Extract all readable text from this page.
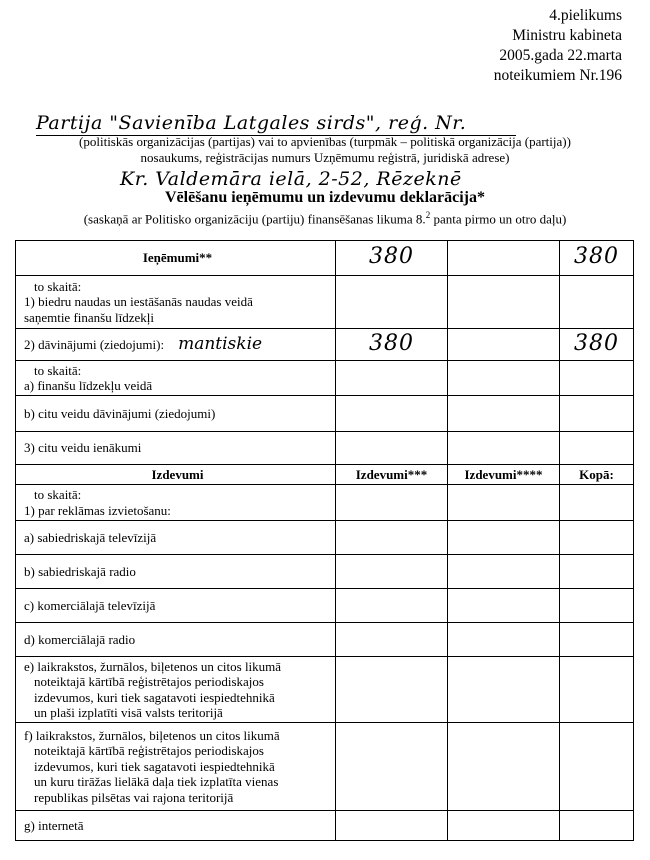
4.pielikums
Ministru kabineta
2005.gada 22.marta
noteikumiem Nr.196
Partija "Savienība Latgales sirds", reģ. Nr.
(politiskās organizācijas (partijas) vai to apvienības (turpmāk – politiskā organizācija (partija))
nosaukums, reģistrācijas numurs Uzņēmumu reģistrā, juridiskā adrese)
Kr. Valdemāra ielā, 2-52, Rēzeknē
Vēlēšanu ieņēmumu un izdevumu deklarācija*
(saskaņā ar Politisko organizāciju (partiju) finansēšanas likuma 8.$^2$ panta pirmo un otro daļu)
Ieņēmumi**	380		380

to skaitā:
1) biedru naudas un iestāšanās naudas veidā
saņemtie finanšu līdzekļi			

2) dāvinājumi (ziedojumi): mantiskie	380		380

to skaitā:
a) finanšu līdzekļu veidā			

b) citu veidu dāvinājumi (ziedojumi)			
3) citu veidu ienākumi			
Izdevumi	Izdevumi***	Izdevumi****	Kopā:

to skaitā:
1) par reklāmas izvietošanu:			

a) sabiedriskajā televīzijā			
b) sabiedriskajā radio			
c) komerciālajā televīzijā			
d) komerciālajā radio			

e) laikrakstos, žurnālos, biļetenos un citos likumā
noteiktajā kārtībā reģistrētajos periodiskajos
izdevumos, kuri tiek sagatavoti iespiedtehnikā
un plaši izplatīti visā valsts teritorijā			

f) laikrakstos, žurnālos, biļetenos un citos likumā
noteiktajā kārtībā reģistrētajos periodiskajos
izdevumos, kuri tiek sagatavoti iespiedtehnikā
un kuru tirāžas lielākā daļa tiek izplatīta vienas
republikas pilsētas vai rajona teritorijā			

g) internetā			
